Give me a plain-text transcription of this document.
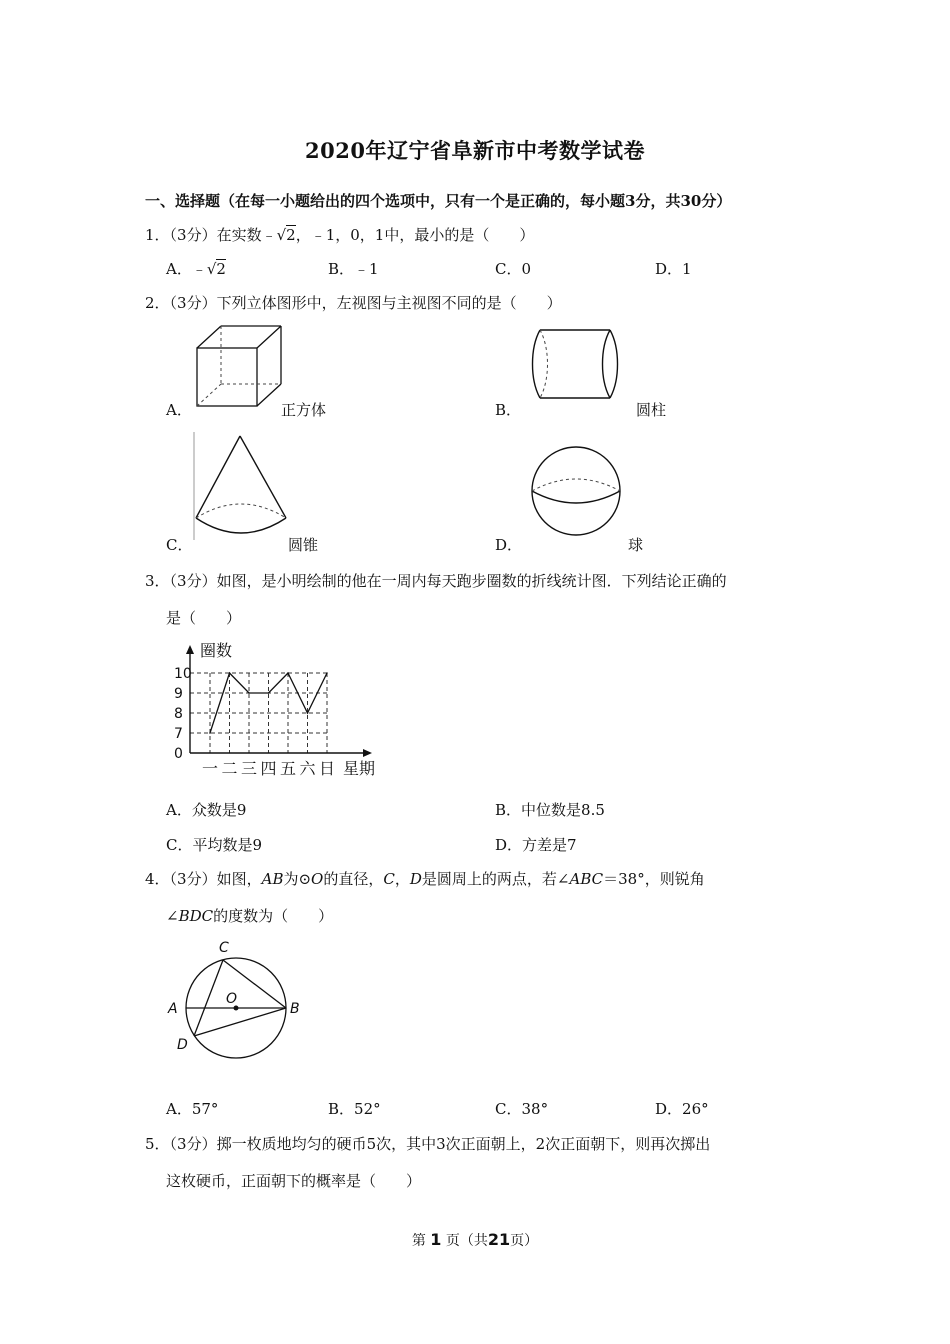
2020年辽宁省阜新市中考数学试卷
一、选择题（在每一小题给出的四个选项中，只有一个是正确的，每小题3分，共30分）
1．（3分）在实数﹣√2，﹣1，0，1中，最小的是（　　）
A．﹣√2	B．﹣1	C．0	D．1
2．（3分）下列立体图形中，左视图与主视图不同的是（　　）
A．	正方体	B．	圆柱
C．	圆锥	D．	球
3．（3分）如图，是小明绘制的他在一周内每天跑步圈数的折线统计图．下列结论正确的
是（　　）
0
7
8
9
10
圈数
一 二 三 四 五 六 日 星期
A．众数是9	B．中位数是8.5
C．平均数是9	D．方差是7
4．（3分）如图，AB为⊙O的直径，C，D是圆周上的两点，若∠ABC＝38°，则锐角
∠BDC的度数为（　　）
C
A
O
B
D
A．57°	B．52°	C．38°	D．26°
5．（3分）掷一枚质地均匀的硬币5次，其中3次正面朝上，2次正面朝下，则再次掷出
这枚硬币，正面朝下的概率是（　　）
第 1 页（共21页）
